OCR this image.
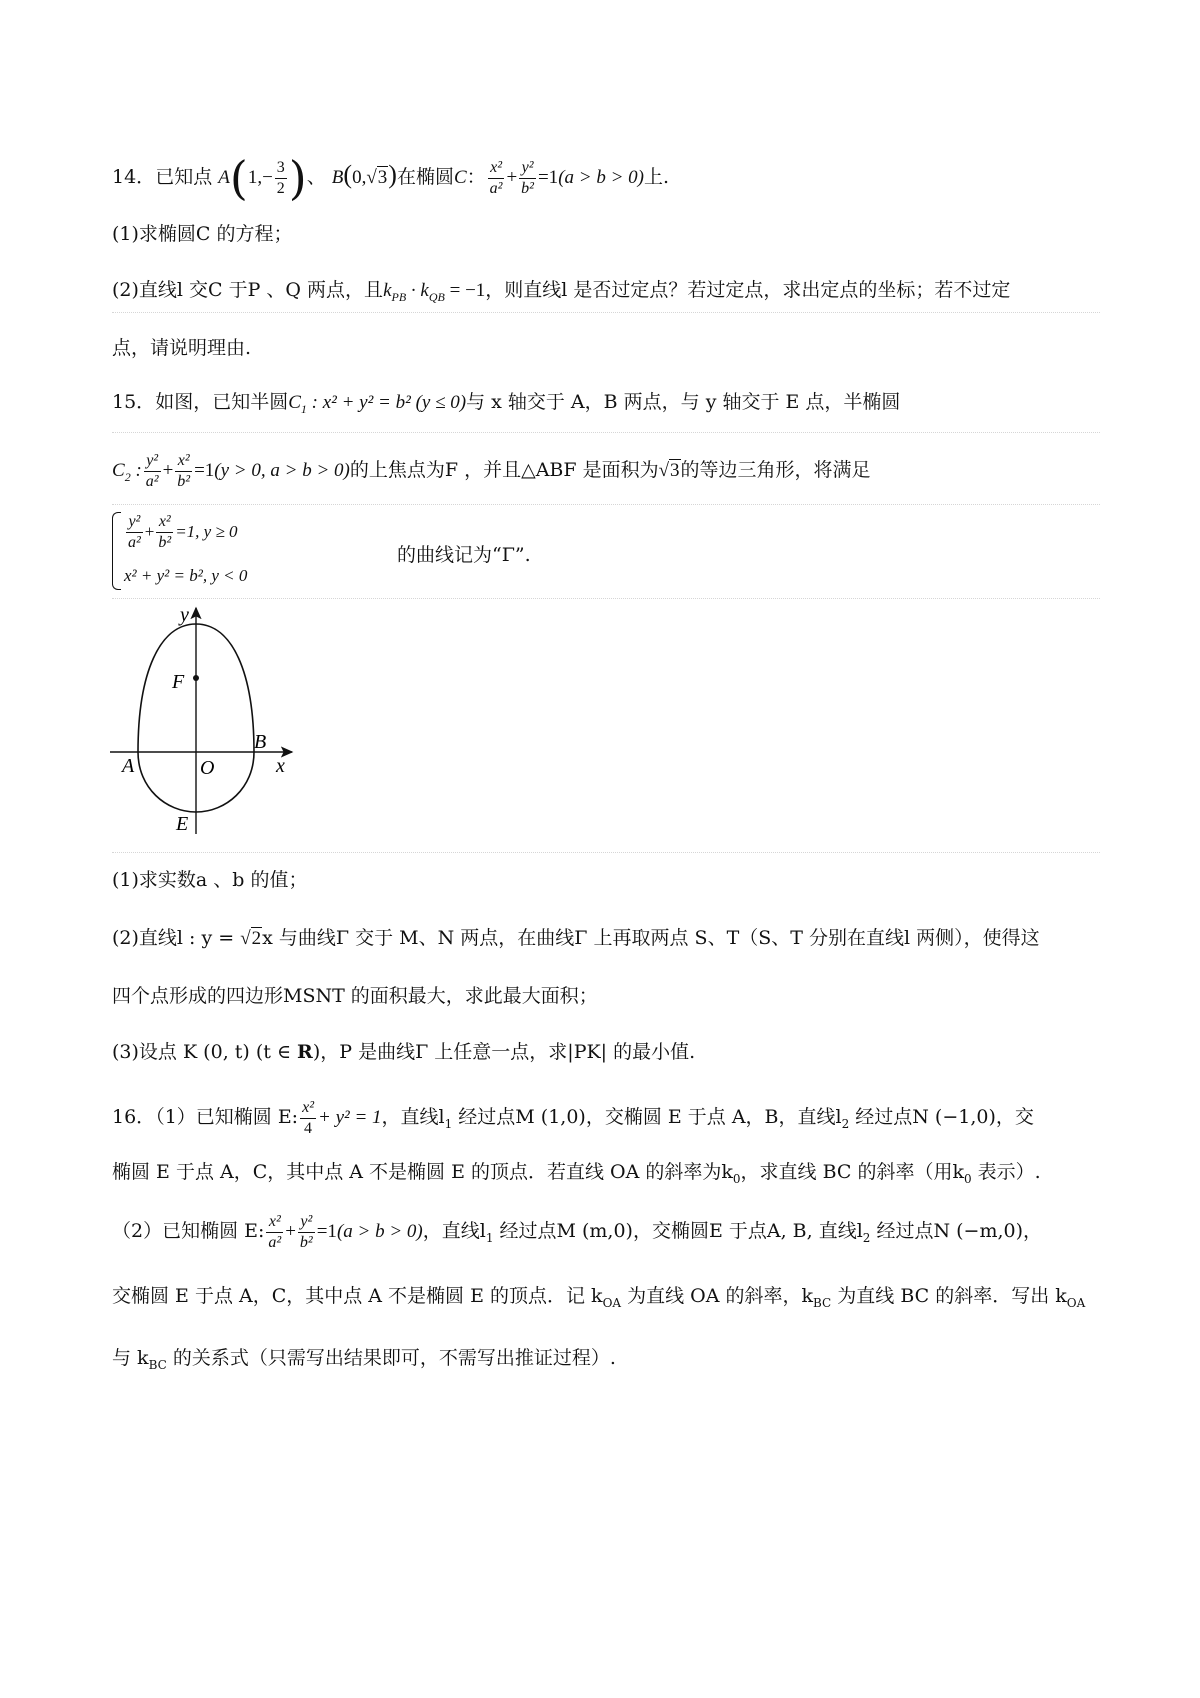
14．已知点 $A(1,- \frac{3}{2}$ )、 B(0,√3)在椭圆C： $\frac{\text{x²}}{\text{a²}} + \frac{\text{y²}}{\text{b²}} =1(a > b > 0)$上.
(1)求椭圆C 的方程；
(2)直线l 交C 于P 、Q 两点，且$k_{PB} \cdot k_{QB} = -1$，则直线l 是否过定点？若过定点，求出定点的坐标；若不过定
点，请说明理由.
15．如图，已知半圆$C_1$ : x² + y² = b² (y ≤ 0)与 x 轴交于 A，B 两点，与 y 轴交于 E 点，半椭圆
$C_2$ : $\frac{\text{y²}}{\text{a²}} + \frac{\text{x²}}{\text{b²}} =1(y > 0$, a > b > 0)的上焦点为F ，并且△ABF 是面积为√3的等边三角形，将满足
$\frac{\text{y²}}{\text{a²}} + \frac{\text{x²}}{\text{b²}} =1$, y ≥ 0
x² + y² = b², y < 0
的曲线记为“Γ”.
y
x
F
A
B
O
E
(1)求实数a 、b 的值；
(2)直线l : y = √2x 与曲线Γ 交于 M、N 两点，在曲线Γ 上再取两点 S、T（S、T 分别在直线l 两侧），使得这
四个点形成的四边形MSNT 的面积最大，求此最大面积；
(3)设点 K (0, t) (t ∈ R)，P 是曲线Γ 上任意一点，求|PK| 的最小值.
16．（1）已知椭圆 E: $\frac{\text{x²}}{4} + y^2 = 1$，直线$l_1$ 经过点M (1,0)，交椭圆 E 于点 A，B，直线$l_2$ 经过点N (−1,0)，交
椭圆 E 于点 A，C，其中点 A 不是椭圆 E 的顶点．若直线 OA 的斜率为$k_0$，求直线 BC 的斜率（用$k_0$ 表示）.
（2）已知椭圆 E: $\frac{\text{x²}}{\text{a²}} + \frac{\text{y²}}{\text{b²}} =1(a > b > 0)$，直线$l_1$ 经过点M (m,0)，交椭圆E 于点A, B, 直线$l_2$ 经过点N (−m,0)，
交椭圆 E 于点 A，C，其中点 A 不是椭圆 E 的顶点．记 $k_{OA}$ 为直线 OA 的斜率，$k_{BC}$ 为直线 BC 的斜率．写出 $k_{OA}$
与 $k_{BC}$ 的关系式（只需写出结果即可，不需写出推证过程）.
